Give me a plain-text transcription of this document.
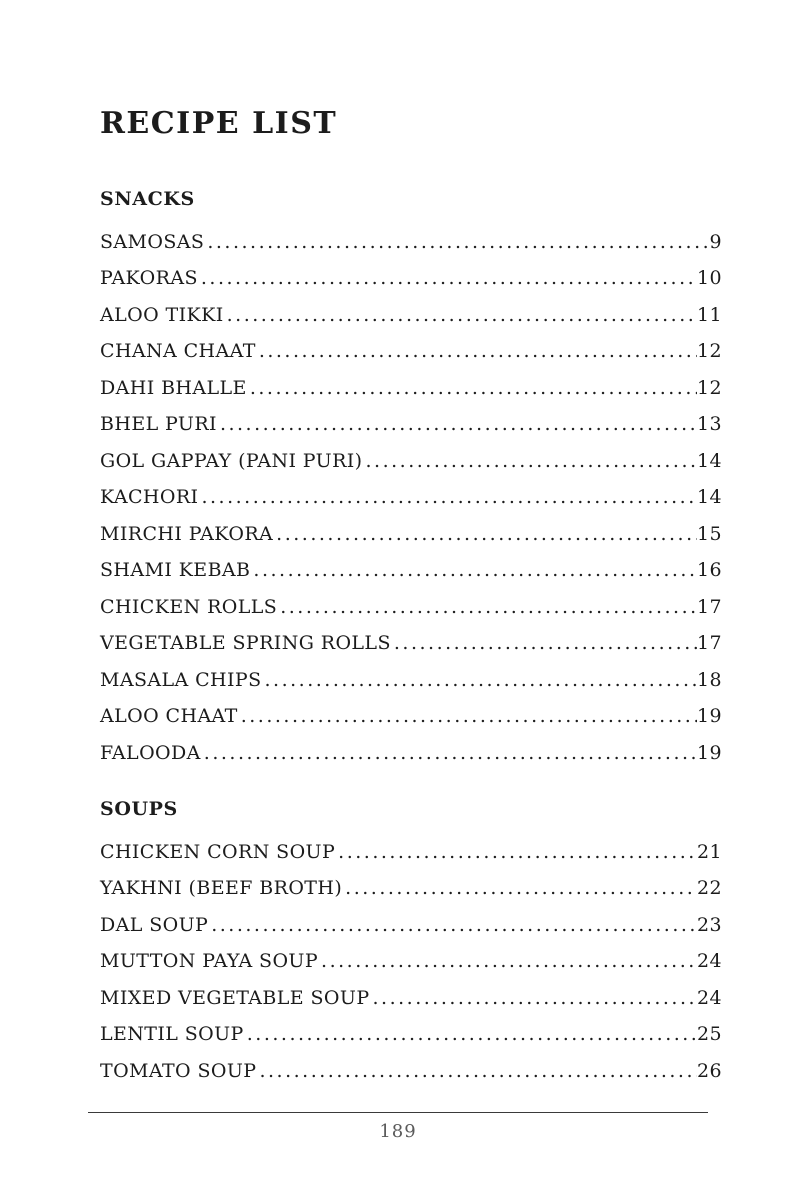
RECIPE LIST
SNACKS
SAMOSAS .....	9
PAKORAS .....	10
ALOO TIKKI .....	11
CHANA CHAAT .....	12
DAHI BHALLE .....	12
BHEL PURI .....	13
GOL GAPPAY (PANI PURI) .....	14
KACHORI .....	14
MIRCHI PAKORA .....	15
SHAMI KEBAB .....	16
CHICKEN ROLLS .....	17
VEGETABLE SPRING ROLLS .....	17
MASALA CHIPS .....	18
ALOO CHAAT .....	19
FALOODA .....	19
SOUPS
CHICKEN CORN SOUP .....	21
YAKHNI (BEEF BROTH) .....	22
DAL SOUP .....	23
MUTTON PAYA SOUP .....	24
MIXED VEGETABLE SOUP .....	24
LENTIL SOUP .....	25
TOMATO SOUP .....	26
189
